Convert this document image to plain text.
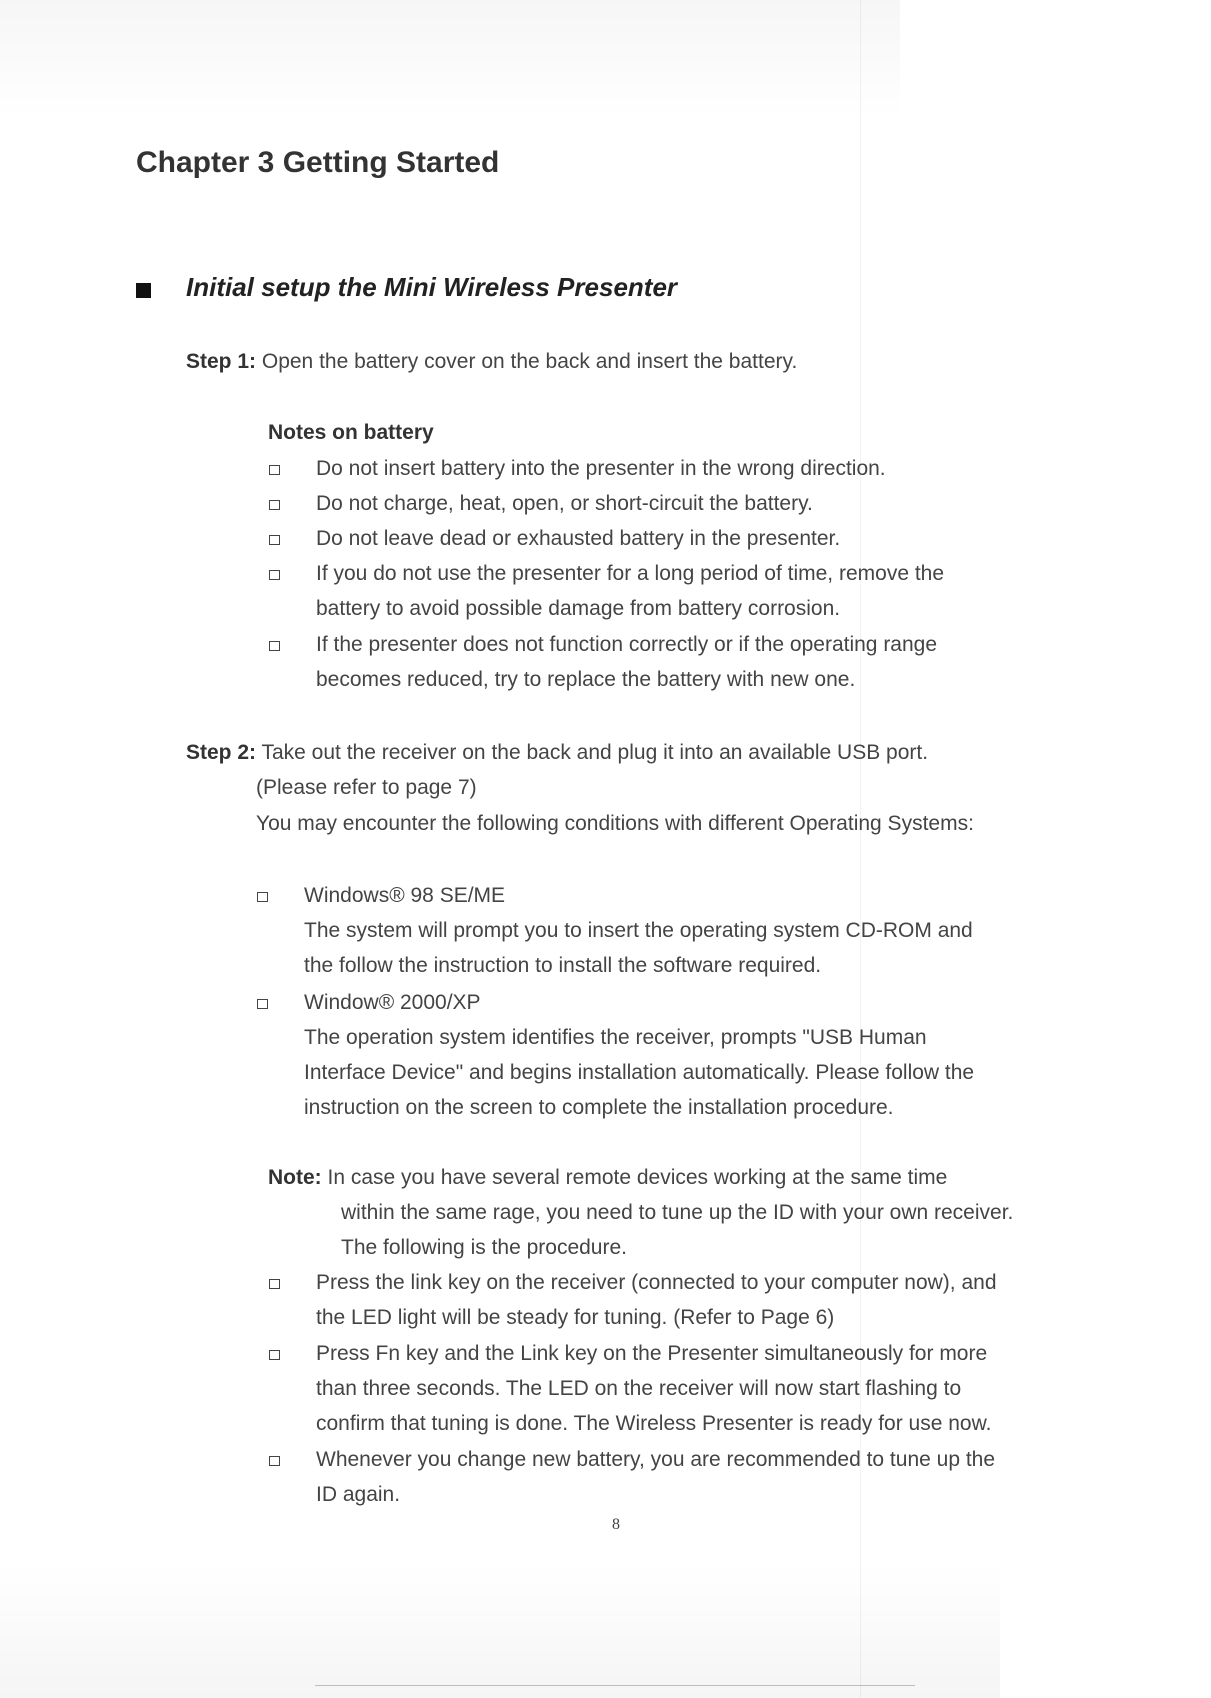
Chapter 3 Getting Started
Initial setup the Mini Wireless Presenter
Step 1: Open the battery cover on the back and insert the battery.
Notes on battery
Do not insert battery into the presenter in the wrong direction.
Do not charge, heat, open, or short-circuit the battery.
Do not leave dead or exhausted battery in the presenter.
If you do not use the presenter for a long period of time, remove the
battery to avoid possible damage from battery corrosion.
If the presenter does not function correctly or if the operating range
becomes reduced, try to replace the battery with new one.
Step 2: Take out the receiver on the back and plug it into an available USB port.
(Please refer to page 7)
You may encounter the following conditions with different Operating Systems:
Windows® 98 SE/ME
The system will prompt you to insert the operating system CD-ROM and
the follow the instruction to install the software required.
Window® 2000/XP
The operation system identifies the receiver, prompts "USB Human
Interface Device" and begins installation automatically. Please follow the
instruction on the screen to complete the installation procedure.
Note: In case you have several remote devices working at the same time
within the same rage, you need to tune up the ID with your own receiver.
The following is the procedure.
Press the link key on the receiver (connected to your computer now), and
the LED light will be steady for tuning. (Refer to Page 6)
Press Fn key and the Link key on the Presenter simultaneously for more
than three seconds. The LED on the receiver will now start flashing to
confirm that tuning is done. The Wireless Presenter is ready for use now.
Whenever you change new battery, you are recommended to tune up the
ID again.
8
